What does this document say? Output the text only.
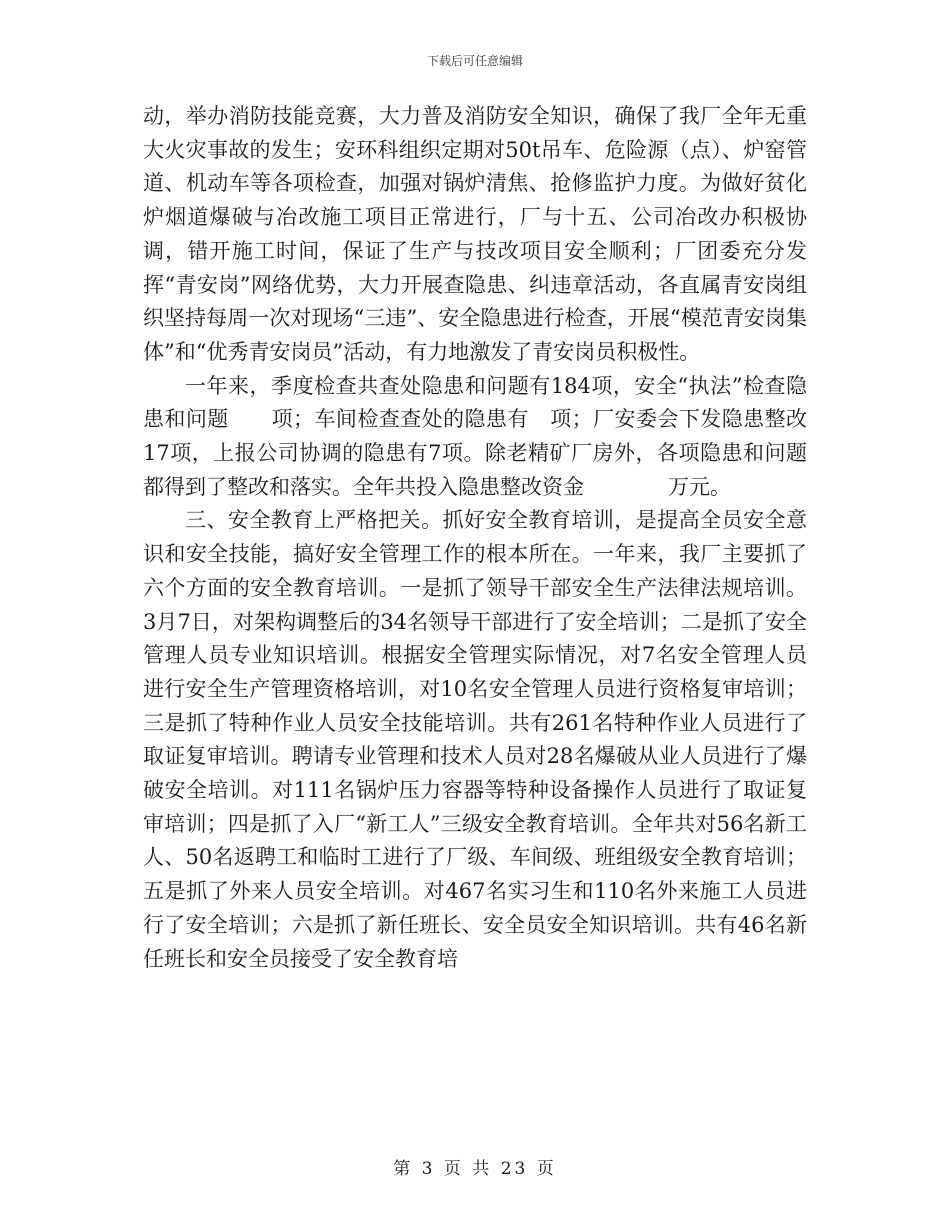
下载后可任意编辑

动，举办消防技能竞赛，大力普及消防安全知识，确保了我厂全年无重大火灾事故的发生；安环科组织定期对50t吊车、危险源（点）、炉窑管道、机动车等各项检查，加强对锅炉清焦、抢修监护力度。为做好贫化炉烟道爆破与冶改施工项目正常进行，厂与十五、公司冶改办积极协调，错开施工时间，保证了生产与技改项目安全顺利；厂团委充分发挥“青安岗”网络优势，大力开展查隐患、纠违章活动，各直属青安岗组织坚持每周一次对现场“三违”、安全隐患进行检查，开展“模范青安岗集体”和“优秀青安岗员”活动，有力地激发了青安岗员积极性。

一年来，季度检查共查处隐患和问题有184项，安全“执法”检查隐患和问题　　项；车间检查查处的隐患有　项；厂安委会下发隐患整改17项，上报公司协调的隐患有7项。除老精矿厂房外，各项隐患和问题都得到了整改和落实。全年共投入隐患整改资金　　　　万元。

三、安全教育上严格把关。抓好安全教育培训，是提高全员安全意识和安全技能，搞好安全管理工作的根本所在。一年来，我厂主要抓了六个方面的安全教育培训。一是抓了领导干部安全生产法律法规培训。3月7日，对架构调整后的34名领导干部进行了安全培训；二是抓了安全管理人员专业知识培训。根据安全管理实际情况，对7名安全管理人员进行安全生产管理资格培训，对10名安全管理人员进行资格复审培训；三是抓了特种作业人员安全技能培训。共有261名特种作业人员进行了取证复审培训。聘请专业管理和技术人员对28名爆破从业人员进行了爆破安全培训。对111名锅炉压力容器等特种设备操作人员进行了取证复审培训；四是抓了入厂“新工人”三级安全教育培训。全年共对56名新工人、50名返聘工和临时工进行了厂级、车间级、班组级安全教育培训；五是抓了外来人员安全培训。对467名实习生和110名外来施工人员进行了安全培训；六是抓了新任班长、安全员安全知识培训。共有46名新任班长和安全员接受了安全教育培

第 3 页 共 23 页
